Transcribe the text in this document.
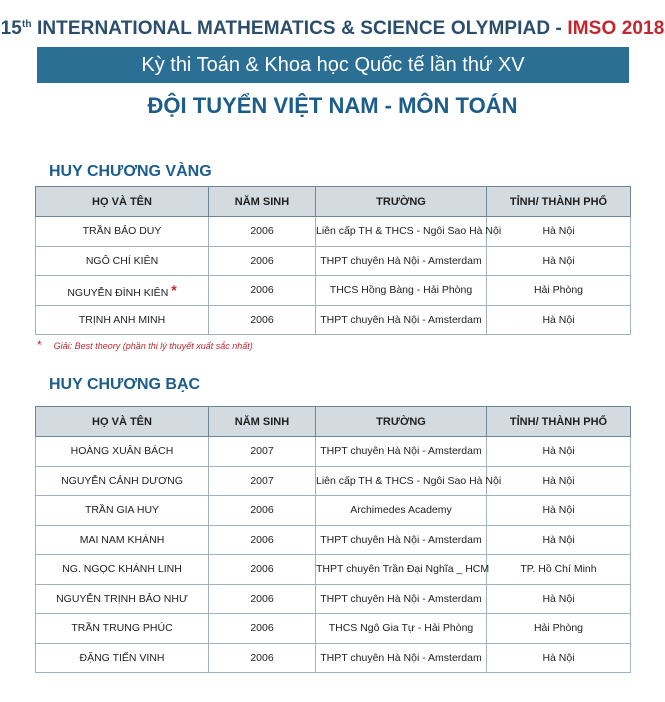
15th INTERNATIONAL MATHEMATICS & SCIENCE OLYMPIAD - IMSO 2018
Kỳ thi Toán & Khoa học Quốc tế lần thứ XV
ĐỘI TUYỂN VIỆT NAM - MÔN TOÁN
HUY CHƯƠNG VÀNG
HỌ VÀ TÊN	NĂM SINH	TRƯỜNG	TỈNH/ THÀNH PHỐ
TRẦN BẢO DUY	2006	Liên cấp TH & THCS - Ngôi Sao Hà Nội	Hà Nội
NGÔ CHÍ KIÊN	2006	THPT chuyên Hà Nội - Amsterdam	Hà Nội
NGUYỄN ĐÌNH KIÊN *	2006	THCS Hồng Bàng - Hải Phòng	Hải Phòng
TRỊNH ANH MINH	2006	THPT chuyên Hà Nội - Amsterdam	Hà Nội
* Giải: Best theory (phần thi lý thuyết xuất sắc nhất)
HUY CHƯƠNG BẠC
HỌ VÀ TÊN	NĂM SINH	TRƯỜNG	TỈNH/ THÀNH PHỐ
HOÀNG XUÂN BÁCH	2007	THPT chuyên Hà Nội - Amsterdam	Hà Nội
NGUYỄN CẢNH DƯƠNG	2007	Liên cấp TH & THCS - Ngôi Sao Hà Nội	Hà Nội
TRẦN GIA HUY	2006	Archimedes Academy	Hà Nội
MAI NAM KHÁNH	2006	THPT chuyên Hà Nội - Amsterdam	Hà Nội
NG. NGỌC KHÁNH LINH	2006	THPT chuyên Trần Đại Nghĩa _ HCM	TP. Hồ Chí Minh
NGUYỄN TRỊNH BẢO NHƯ	2006	THPT chuyên Hà Nội - Amsterdam	Hà Nội
TRẦN TRUNG PHÚC	2006	THCS Ngô Gia Tự - Hải Phòng	Hải Phòng
ĐẶNG TIẾN VINH	2006	THPT chuyên Hà Nội - Amsterdam	Hà Nội
